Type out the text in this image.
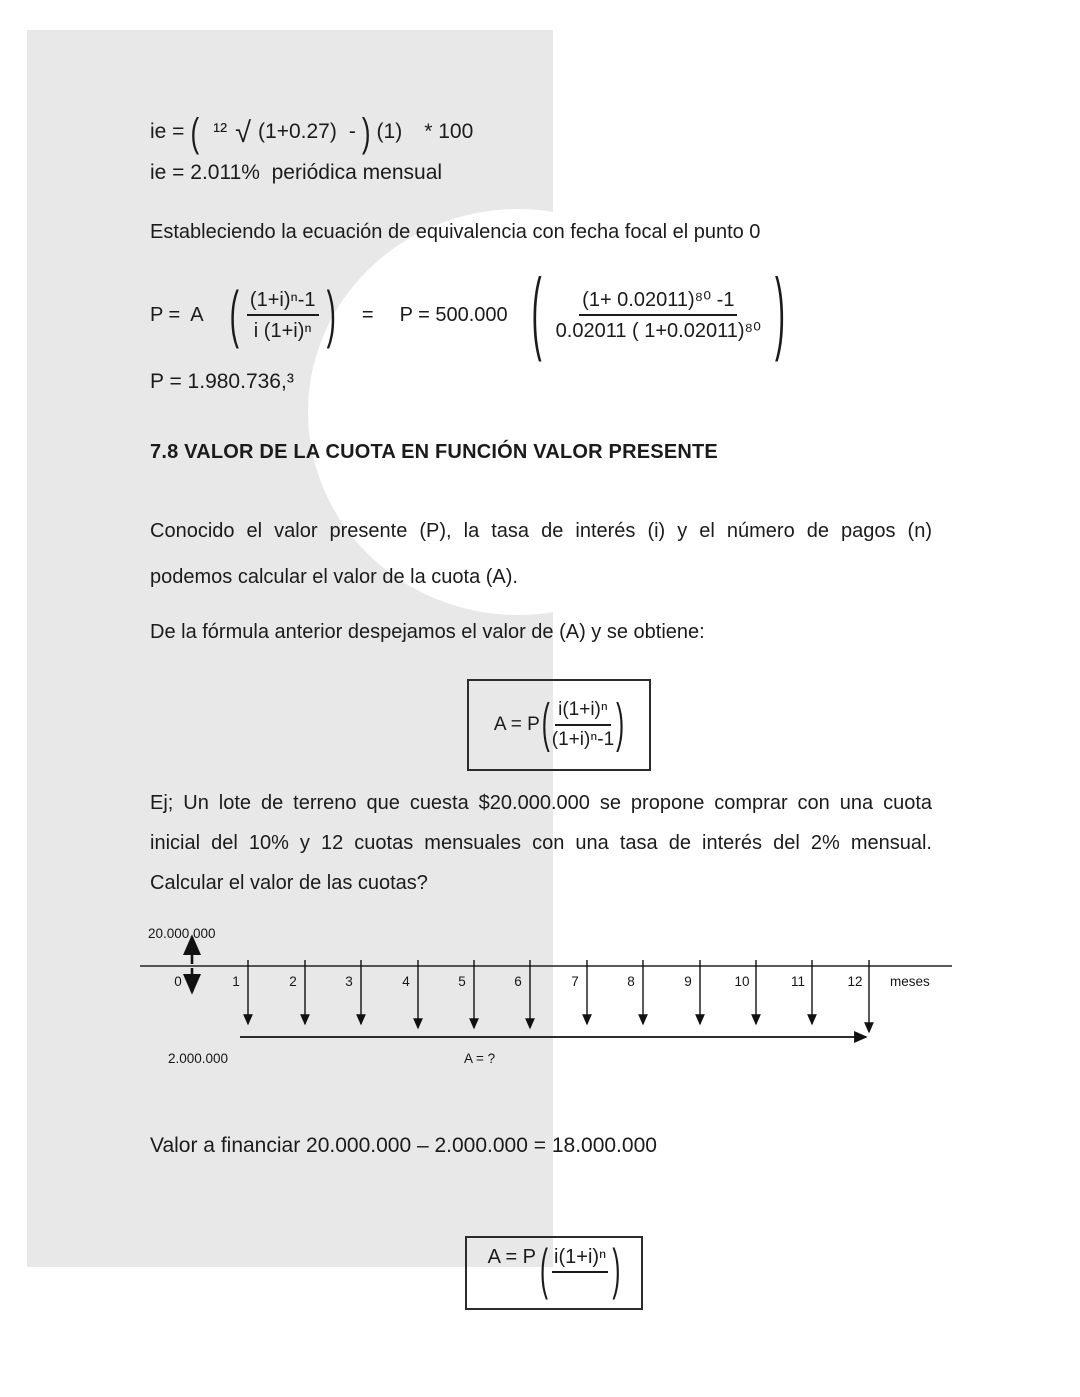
ie = ( ¹² √ (1+0.27) - ) (1) * 100
ie = 2.011%  periódica mensual
Estableciendo la ecuación de equivalencia con fecha focal el punto 0
P =  A ( $\frac{\text{(1+i)ⁿ-1}}{\text{i (1+i)ⁿ}}$ ) = P = 500.000 ( $\frac{\text{(1+ 0.02011)⁸⁰ -1}}{\text{0.02011 ( 1+0.02011)⁸⁰}}$ )
P = 1.980.736,³
7.8 VALOR DE LA CUOTA EN FUNCIÓN VALOR PRESENTE
Conocido el valor presente (P), la tasa de interés (i) y el número de pagos (n)
podemos calcular el valor de la cuota (A).
De la fórmula anterior despejamos el valor de (A) y se obtiene:
A = P ( $\frac{\text{i(1+i)ⁿ}}{\text{(1+i)ⁿ-1}}$ )
Ej; Un lote de terreno que cuesta $20.000.000 se propone comprar con una cuota
inicial del 10% y 12 cuotas mensuales con una tasa de interés del 2% mensual.
Calcular el valor de las cuotas?
20.000.000
0	1	2	3	4	5	6	7	8	9	10	11	12	meses
2.000.000	A = ?
Valor a financiar 20.000.000 – 2.000.000 = 18.000.000
A = P ( i(1+i)ⁿ )
